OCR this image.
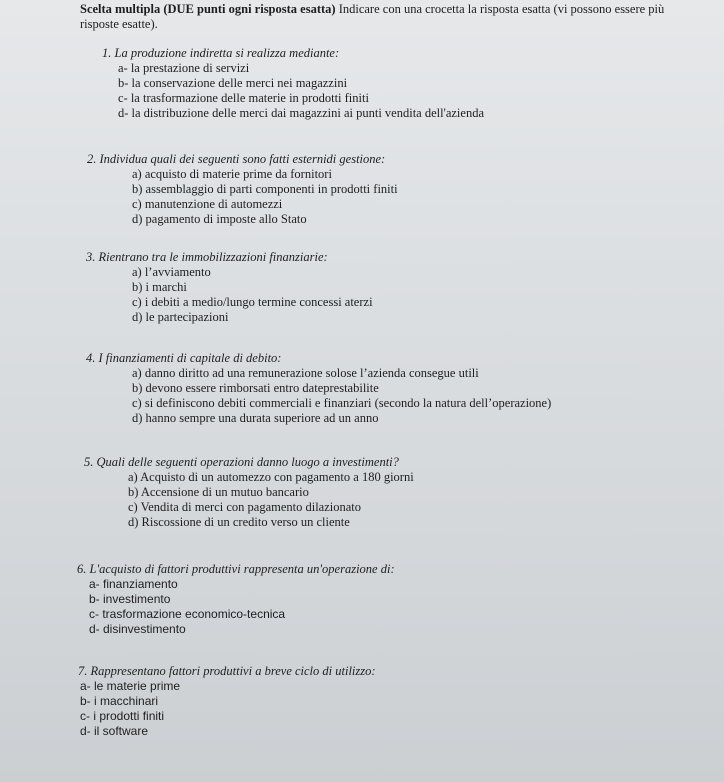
Scelta multipla (DUE punti ogni risposta esatta) Indicare con una crocetta la risposta esatta (vi possono essere più risposte esatte).
1. La produzione indiretta si realizza mediante:
a- la prestazione di servizi
b- la conservazione delle merci nei magazzini
c- la trasformazione delle materie in prodotti finiti
d- la distribuzione delle merci dai magazzini ai punti vendita dell'azienda
2. Individua quali dei seguenti sono fatti esternidi gestione:
a) acquisto di materie prime da fornitori
b) assemblaggio di parti componenti in prodotti finiti
c) manutenzione di automezzi
d) pagamento di imposte allo Stato
3. Rientrano tra le immobilizzazioni finanziarie:
a) l’avviamento
b) i marchi
c) i debiti a medio/lungo termine concessi aterzi
d) le partecipazioni
4. I finanziamenti di capitale di debito:
a) danno diritto ad una remunerazione solose l’azienda consegue utili
b) devono essere rimborsati entro dateprestabilite
c) si definiscono debiti commerciali e finanziari (secondo la natura dell’operazione)
d) hanno sempre una durata superiore ad un anno
5. Quali delle seguenti operazioni danno luogo a investimenti?
a) Acquisto di un automezzo con pagamento a 180 giorni
b) Accensione di un mutuo bancario
c) Vendita di merci con pagamento dilazionato
d) Riscossione di un credito verso un cliente
6. L'acquisto di fattori produttivi rappresenta un'operazione di:
a- finanziamento
b- investimento
c- trasformazione economico-tecnica
d- disinvestimento
7. Rappresentano fattori produttivi a breve ciclo di utilizzo:
a- le materie prime
b- i macchinari
c- i prodotti finiti
d- il software
